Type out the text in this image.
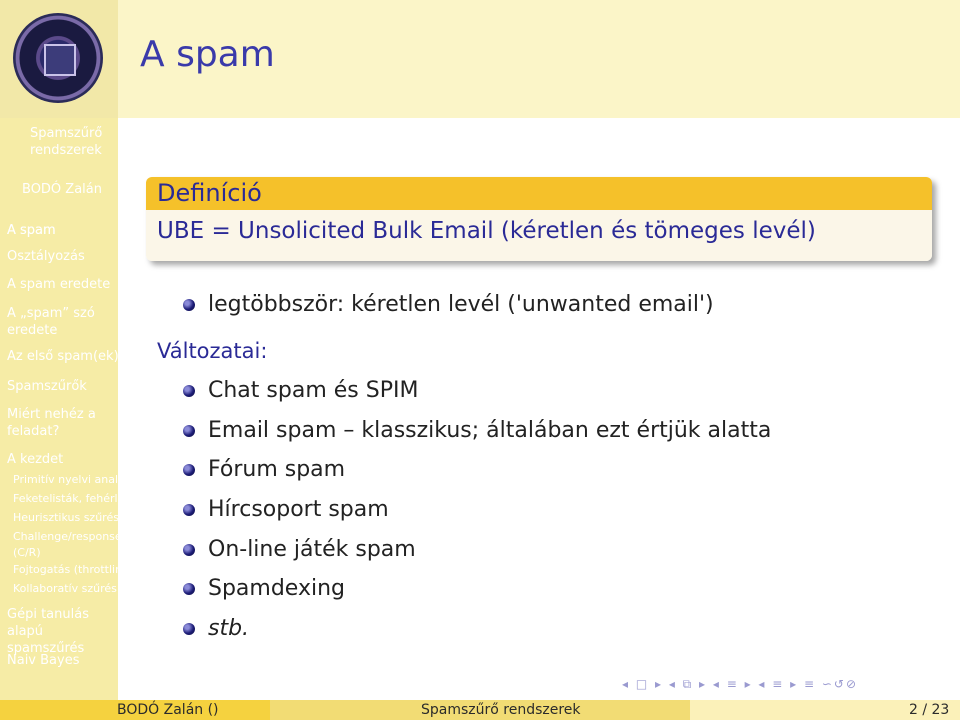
A spam
Spamszűrő rendszerek
BODÓ Zalán
A spam
Osztályozás
A spam eredete
A „spam” szó eredete
Az első spam(ek)
Spamszűrők
Miért nehéz a feladat?
A kezdet
Primitív nyelvi analízis
Feketelisták, fehérlisták
Heurisztikus szűrés
Challenge/response (C/R)
Fojtogatás (throttling)
Kollaboratív szűrés
Gépi tanulás alapú spamszűrés
Naiv Bayes
Definíció
UBE = Unsolicited Bulk Email (kéretlen és tömeges levél)
legtöbbször: kéretlen levél ('unwanted email')
Változatai:
Chat spam és SPIM
Email spam – klasszikus; általában ezt értjük alatta
Fórum spam
Hírcsoport spam
On-line játék spam
Spamdexing
stb.
◂ □ ▸ ◂ ⧉ ▸ ◂ ≡ ▸ ◂ ≡ ▸ ≡ ∽↺⊘
BODÓ Zalán ()	Spamszűrő rendszerek	2 / 23
